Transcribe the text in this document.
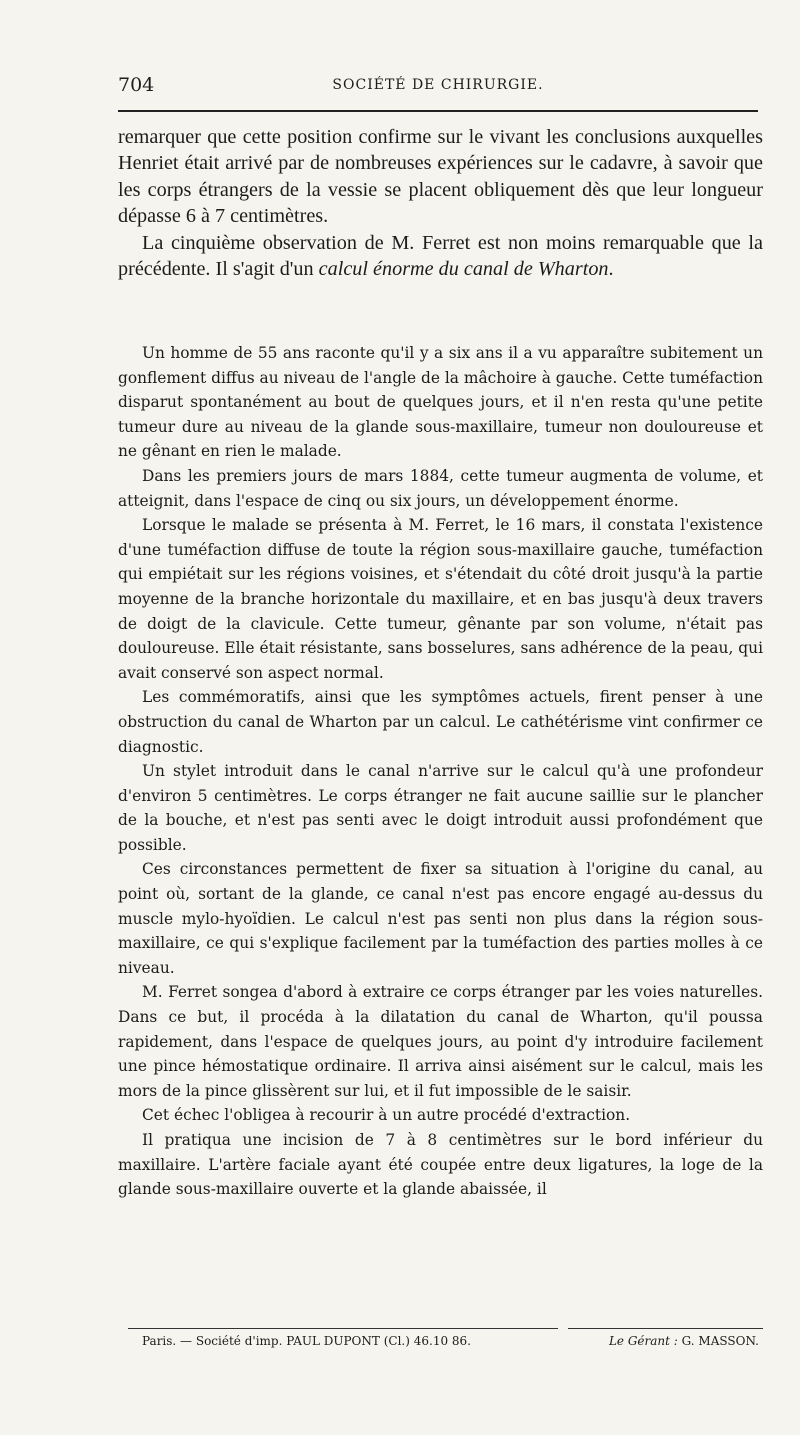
704	SOCIÉTÉ DE CHIRURGIE.

remarquer que cette position confirme sur le vivant les conclusions auxquelles Henriet était arrivé par de nombreuses expériences sur le cadavre, à savoir que les corps étrangers de la vessie se placent obliquement dès que leur longueur dépasse 6 à 7 centimètres.

La cinquième observation de M. Ferret est non moins remarquable que la précédente. Il s'agit d'un calcul énorme du canal de Wharton.

Un homme de 55 ans raconte qu'il y a six ans il a vu apparaître subitement un gonflement diffus au niveau de l'angle de la mâchoire à gauche. Cette tuméfaction disparut spontanément au bout de quelques jours, et il n'en resta qu'une petite tumeur dure au niveau de la glande sous-maxillaire, tumeur non douloureuse et ne gênant en rien le malade.

Dans les premiers jours de mars 1884, cette tumeur augmenta de volume, et atteignit, dans l'espace de cinq ou six jours, un développement énorme.

Lorsque le malade se présenta à M. Ferret, le 16 mars, il constata l'existence d'une tuméfaction diffuse de toute la région sous-maxillaire gauche, tuméfaction qui empiétait sur les régions voisines, et s'étendait du côté droit jusqu'à la partie moyenne de la branche horizontale du maxillaire, et en bas jusqu'à deux travers de doigt de la clavicule. Cette tumeur, gênante par son volume, n'était pas douloureuse. Elle était résistante, sans bosselures, sans adhérence de la peau, qui avait conservé son aspect normal.

Les commémoratifs, ainsi que les symptômes actuels, firent penser à une obstruction du canal de Wharton par un calcul. Le cathétérisme vint confirmer ce diagnostic.

Un stylet introduit dans le canal n'arrive sur le calcul qu'à une profondeur d'environ 5 centimètres. Le corps étranger ne fait aucune saillie sur le plancher de la bouche, et n'est pas senti avec le doigt introduit aussi profondément que possible.

Ces circonstances permettent de fixer sa situation à l'origine du canal, au point où, sortant de la glande, ce canal n'est pas encore engagé au-dessus du muscle mylo-hyoïdien. Le calcul n'est pas senti non plus dans la région sous-maxillaire, ce qui s'explique facilement par la tuméfaction des parties molles à ce niveau.

M. Ferret songea d'abord à extraire ce corps étranger par les voies naturelles. Dans ce but, il procéda à la dilatation du canal de Wharton, qu'il poussa rapidement, dans l'espace de quelques jours, au point d'y introduire facilement une pince hémostatique ordinaire. Il arriva ainsi aisément sur le calcul, mais les mors de la pince glissèrent sur lui, et il fut impossible de le saisir.

Cet échec l'obligea à recourir à un autre procédé d'extraction.

Il pratiqua une incision de 7 à 8 centimètres sur le bord inférieur du maxillaire. L'artère faciale ayant été coupée entre deux ligatures, la loge de la glande sous-maxillaire ouverte et la glande abaissée, il

Paris. — Société d'imp. PAUL DUPONT (Cl.) 46.10 86.	Le Gérant : G. MASSON.
